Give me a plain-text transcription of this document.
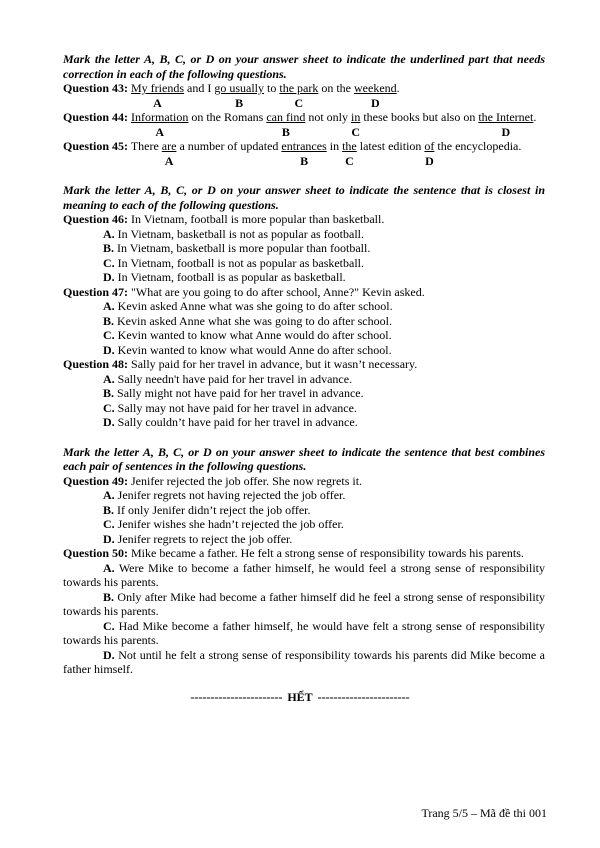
Mark the letter A, B, C, or D on your answer sheet to indicate the underlined part that needs correction in each of the following questions.

Question 43: My friends and I go usually to the park on the weekend.

A	B	C	D

Question 44: Information on the Romans can find not only in these books but also on the Internet.

A	B	C	D

Question 45: There are a number of updated entrances in the latest edition of the encyclopedia.

A	B	C	D

Mark the letter A, B, C, or D on your answer sheet to indicate the sentence that is closest in meaning to each of the following questions.

Question 46: In Vietnam, football is more popular than basketball.

A. In Vietnam, basketball is not as popular as football.

B. In Vietnam, basketball is more popular than football.

C. In Vietnam, football is not as popular as basketball.

D. In Vietnam, football is as popular as basketball.

Question 47: "What are you going to do after school, Anne?" Kevin asked.

A. Kevin asked Anne what was she going to do after school.

B. Kevin asked Anne what she was going to do after school.

C. Kevin wanted to know what Anne would do after school.

D. Kevin wanted to know what would Anne do after school.

Question 48: Sally paid for her travel in advance, but it wasn’t necessary.

A. Sally needn't have paid for her travel in advance.

B. Sally might not have paid for her travel in advance.

C. Sally may not have paid for her travel in advance.

D. Sally couldn’t have paid for her travel in advance.

Mark the letter A, B, C, or D on your answer sheet to indicate the sentence that best combines each pair of sentences in the following questions.

Question 49: Jenifer rejected the job offer. She now regrets it.

A. Jenifer regrets not having rejected the job offer.

B. If only Jenifer didn’t reject the job offer.

C. Jenifer wishes she hadn’t rejected the job offer.

D. Jenifer regrets to reject the job offer.

Question 50: Mike became a father. He felt a strong sense of responsibility towards his parents.

A. Were Mike to become a father himself, he would feel a strong sense of responsibility towards his parents.

B. Only after Mike had become a father himself did he feel a strong sense of responsibility towards his parents.

C. Had Mike become a father himself, he would have felt a strong sense of responsibility towards his parents.

D. Not until he felt a strong sense of responsibility towards his parents did Mike become a father himself.

----------------------- HẾT -----------------------
Trang 5/5 – Mã đề thi 001
